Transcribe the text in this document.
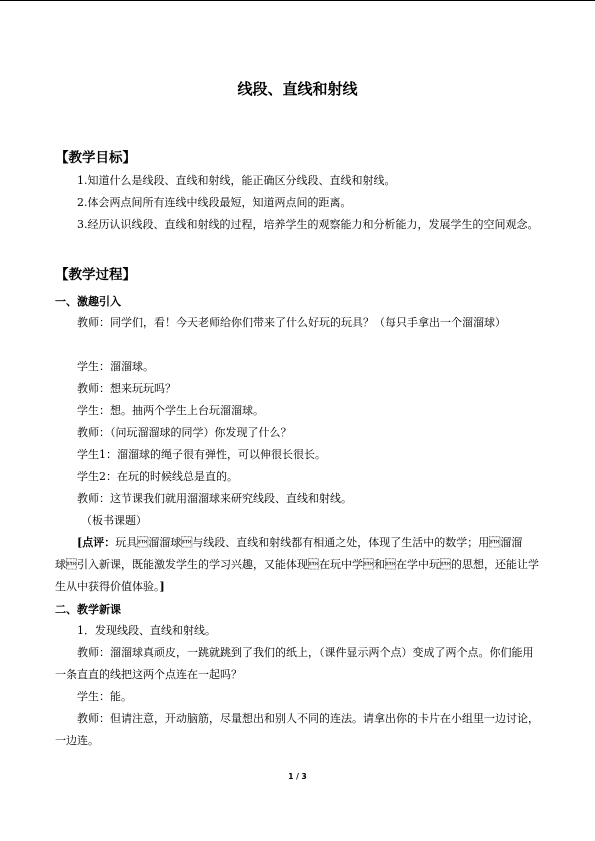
线段、直线和射线
【教学目标】

1.知道什么是线段、直线和射线，能正确区分线段、直线和射线。

2.体会两点间所有连线中线段最短，知道两点间的距离。

3.经历认识线段、直线和射线的过程，培养学生的观察能力和分析能力，发展学生的空间观念。

【教学过程】
一、激趣引入

教师：同学们，看！今天老师给你们带来了什么好玩的玩具？（每只手拿出一个溜溜球）

学生：溜溜球。

教师：想来玩玩吗？

学生：想。抽两个学生上台玩溜溜球。

教师：（问玩溜溜球的同学）你发现了什么？

学生1：溜溜球的绳子很有弹性，可以伸很长很长。

学生2：在玩的时候线总是直的。

教师：这节课我们就用溜溜球来研究线段、直线和射线。

（板书课题）

[点评：玩具溜溜球与线段、直线和射线都有相通之处，体现了生活中的数学；用溜溜球引入新课，既能激发学生的学习兴趣，又能体现在玩中学和在学中玩的思想，还能让学生从中获得价值体验。]

二、教学新课

1．发现线段、直线和射线。

教师：溜溜球真顽皮，一跳就跳到了我们的纸上，（课件显示两个点）变成了两个点。你们能用一条直直的线把这两个点连在一起吗？

学生：能。

教师：但请注意，开动脑筋，尽量想出和别人不同的连法。请拿出你的卡片在小组里一边讨论，一边连。

1 / 3
